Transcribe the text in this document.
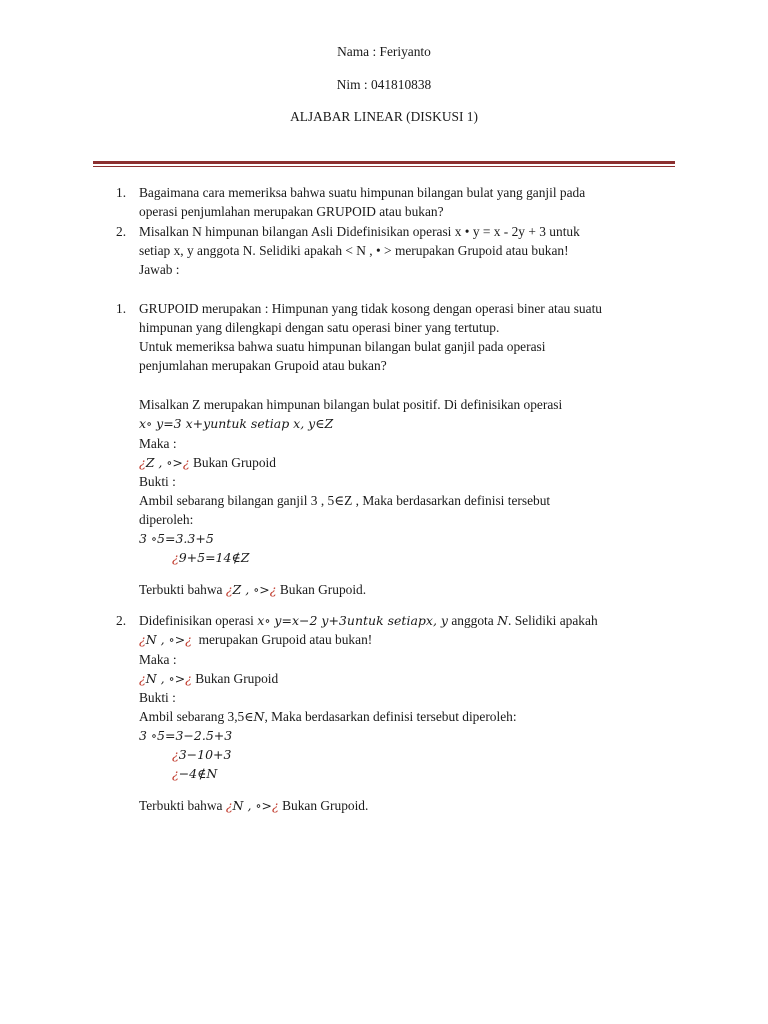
Nama : Feriyanto
Nim : 041810838
ALJABAR LINEAR (DISKUSI 1)
1. Bagaimana cara memeriksa bahwa suatu himpunan bilangan bulat yang ganjil pada
operasi penjumlahan merupakan GRUPOID atau bukan?
2. Misalkan N himpunan bilangan Asli Didefinisikan operasi x • y = x - 2y + 3 untuk
setiap x, y anggota N. Selidiki apakah < N , • > merupakan Grupoid atau bukan!
Jawab :
1. GRUPOID merupakan : Himpunan yang tidak kosong dengan operasi biner atau suatu
himpunan yang dilengkapi dengan satu operasi biner yang tertutup.
Untuk memeriksa bahwa suatu himpunan bilangan bulat ganjil pada operasi
penjumlahan merupakan Grupoid atau bukan?
Misalkan Z merupakan himpunan bilangan bulat positif. Di definisikan operasi
x∘ y=3 x+yuntuk setiap x, y∈Z
Maka :
¿Z , ∘>¿ Bukan Grupoid
Bukti :
Ambil sebarang bilangan ganjil 3 , 5∈Z , Maka berdasarkan definisi tersebut
diperoleh:
3 ∘5=3.3+5
¿9+5=14∉Z
Terbukti bahwa ¿Z , ∘>¿ Bukan Grupoid.
2. Didefinisikan operasi x∘ y=x−2 y+3untuk setiapx, y anggota N. Selidiki apakah
¿N , ∘>¿ merupakan Grupoid atau bukan!
Maka :
¿N , ∘>¿ Bukan Grupoid
Bukti :
Ambil sebarang 3,5∈N, Maka berdasarkan definisi tersebut diperoleh:
3 ∘5=3−2.5+3
¿3−10+3
¿−4∉N
Terbukti bahwa ¿N , ∘>¿ Bukan Grupoid.
